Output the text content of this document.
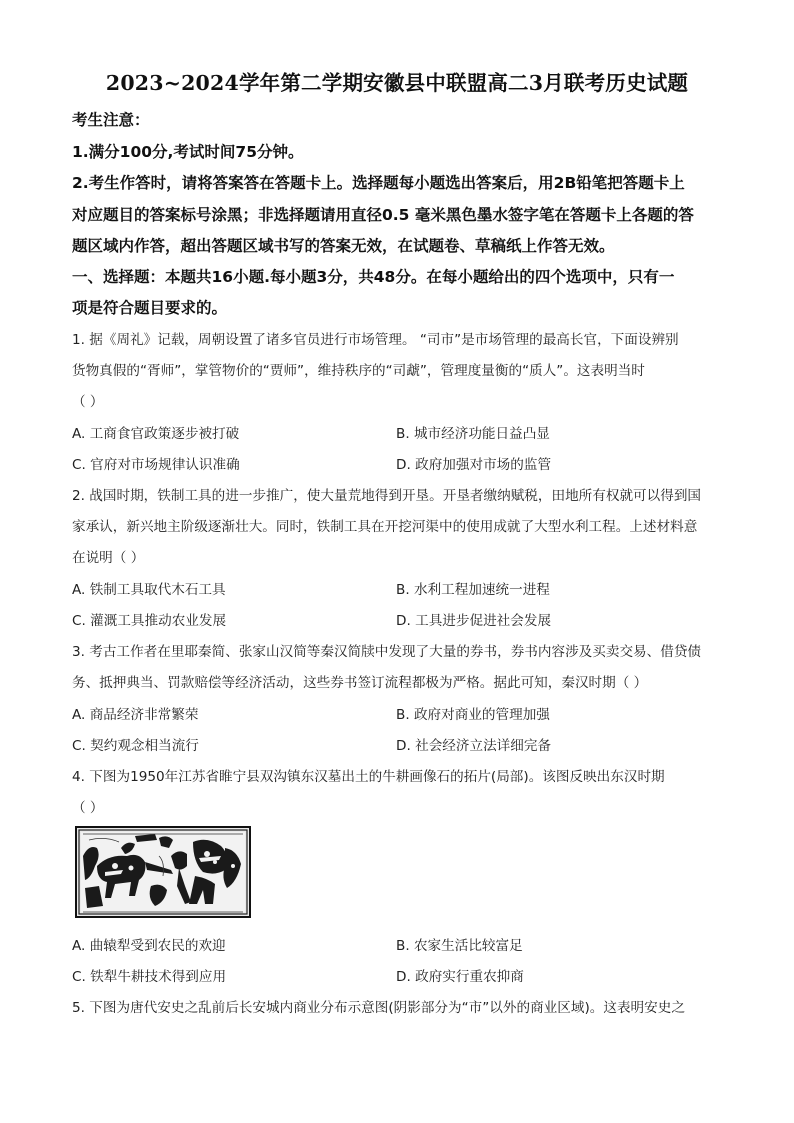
2023~2024学年第二学期安徽县中联盟高二3月联考历史试题
考生注意：
1.满分100分,考试时间75分钟。
2.考生作答时，请将答案答在答题卡上。选择题每小题选出答案后，用2B铅笔把答题卡上
对应题目的答案标号涂黑；非选择题请用直径0.5 毫米黑色墨水签字笔在答题卡上各题的答
题区域内作答，超出答题区域书写的答案无效，在试题卷、草稿纸上作答无效。
一、选择题：本题共16小题.每小题3分，共48分。在每小题给出的四个选项中，只有一
项是符合题目要求的。
1. 据《周礼》记载，周朝设置了诸多官员进行市场管理。 “司市”是市场管理的最高长官，下面设辨别
货物真假的“胥师”，掌管物价的“贾师”，维持秩序的“司虣”，管理度量衡的“质人”。这表明当时
（ ）
A. 工商食官政策逐步被打破	B. 城市经济功能日益凸显
C. 官府对市场规律认识准确	D. 政府加强对市场的监管
2. 战国时期，铁制工具的进一步推广，使大量荒地得到开垦。开垦者缴纳赋税，田地所有权就可以得到国
家承认，新兴地主阶级逐渐壮大。同时，铁制工具在开挖河渠中的使用成就了大型水利工程。上述材料意
在说明（ ）
A. 铁制工具取代木石工具	B. 水利工程加速统一进程
C. 灌溉工具推动农业发展	D. 工具进步促进社会发展
3. 考古工作者在里耶秦简、张家山汉简等秦汉简牍中发现了大量的券书，券书内容涉及买卖交易、借贷债
务、抵押典当、罚款赔偿等经济活动，这些券书签订流程都极为严格。据此可知，秦汉时期（ ）
A. 商品经济非常繁荣	B. 政府对商业的管理加强
C. 契约观念相当流行	D. 社会经济立法详细完备
4. 下图为1950年江苏省睢宁县双沟镇东汉墓出土的牛耕画像石的拓片(局部)。该图反映出东汉时期
（ ）
A. 曲辕犁受到农民的欢迎	B. 农家生活比较富足
C. 铁犁牛耕技术得到应用	D. 政府实行重农抑商
5. 下图为唐代安史之乱前后长安城内商业分布示意图(阴影部分为“市”以外的商业区域)。这表明安史之
